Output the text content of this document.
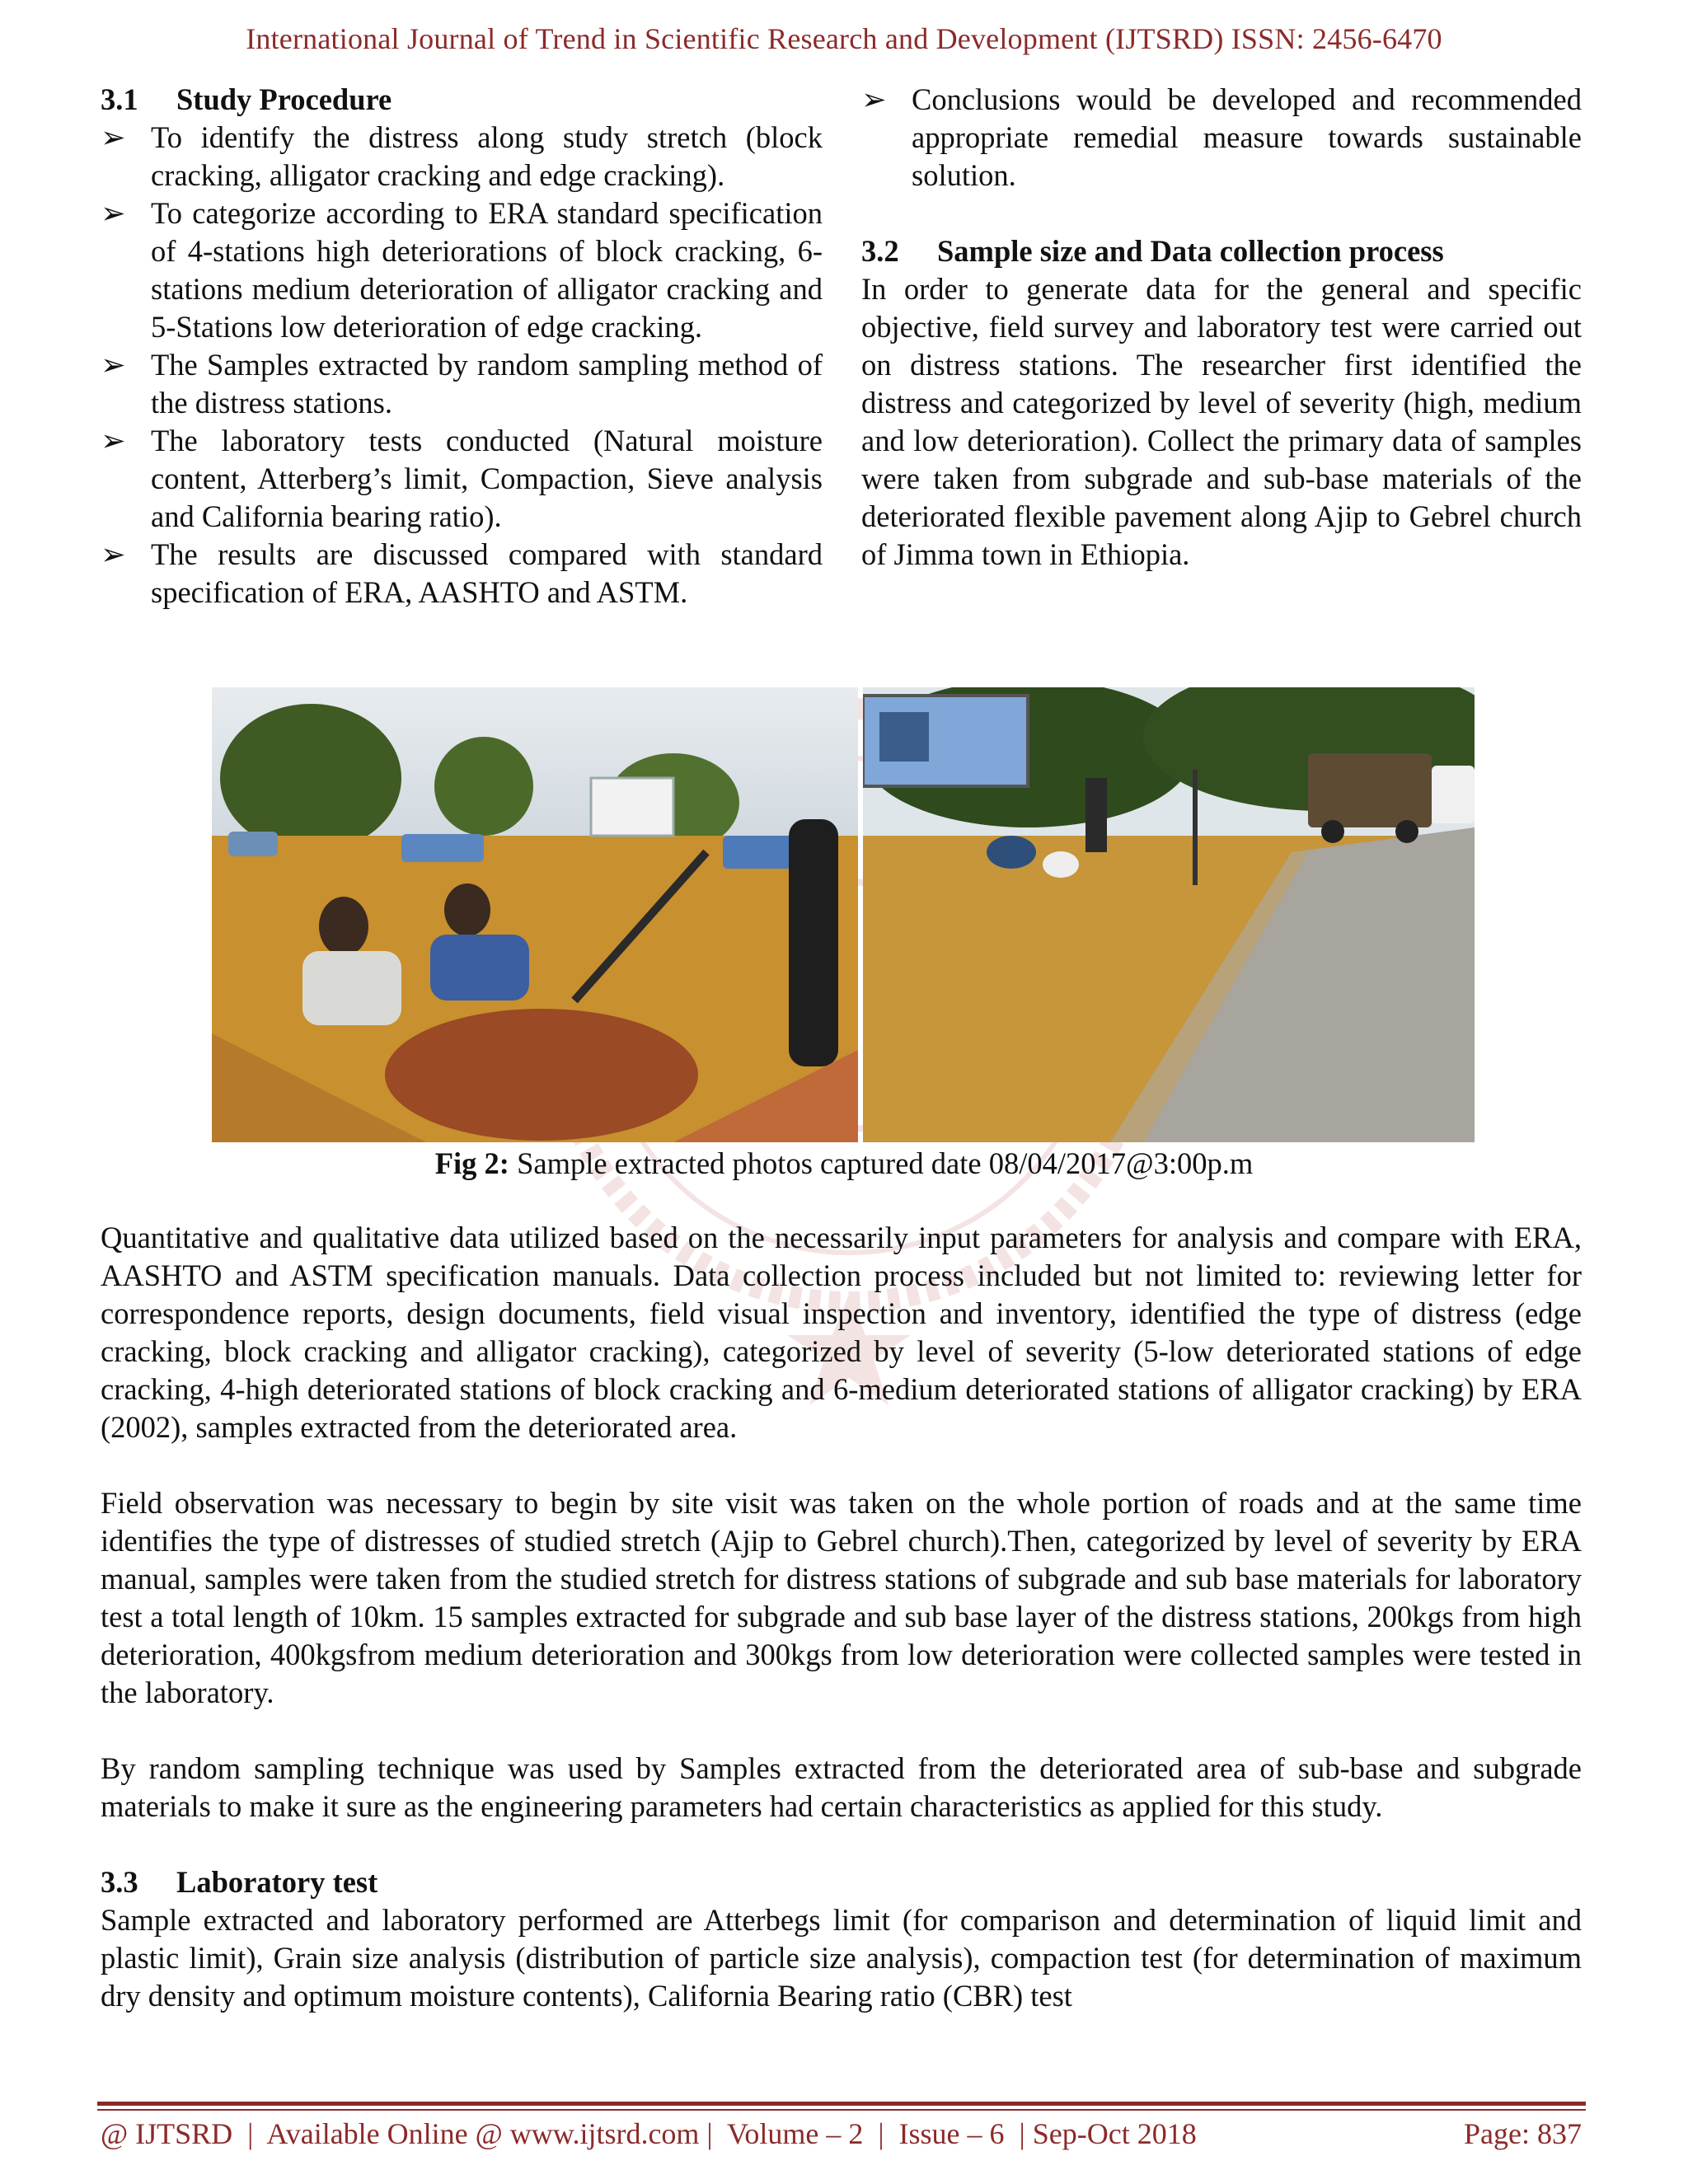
International Journal of Trend in Scientific Research and Development (IJTSRD) ISSN: 2456-6470

3.1 Study Procedure

➢ To identify the distress along study stretch (block cracking, alligator cracking and edge cracking).
➢ To categorize according to ERA standard specification of 4-stations high deteriorations of block cracking, 6-stations medium deterioration of alligator cracking and 5-Stations low deterioration of edge cracking.
➢ The Samples extracted by random sampling method of the distress stations.
➢ The laboratory tests conducted (Natural moisture content, Atterberg’s limit, Compaction, Sieve analysis and California bearing ratio).
➢ The results are discussed compared with standard specification of ERA, AASHTO and ASTM.
➢ Conclusions would be developed and recommended appropriate remedial measure towards sustainable solution.

3.2 Sample size and Data collection process

In order to generate data for the general and specific objective, field survey and laboratory test were carried out on distress stations. The researcher first identified the distress and categorized by level of severity (high, medium and low deterioration). Collect the primary data of samples were taken from subgrade and sub-base materials of the deteriorated flexible pavement along Ajip to Gebrel church of Jimma town in Ethiopia.

Fig 2: Sample extracted photos captured date 08/04/2017@3:00p.m

Quantitative and qualitative data utilized based on the necessarily input parameters for analysis and compare with ERA, AASHTO and ASTM specification manuals. Data collection process included but not limited to: reviewing letter for correspondence reports, design documents, field visual inspection and inventory, identified the type of distress (edge cracking, block cracking and alligator cracking), categorized by level of severity (5-low deteriorated stations of edge cracking, 4-high deteriorated stations of block cracking and 6-medium deteriorated stations of alligator cracking) by ERA (2002), samples extracted from the deteriorated area.

Field observation was necessary to begin by site visit was taken on the whole portion of roads and at the same time identifies the type of distresses of studied stretch (Ajip to Gebrel church).Then, categorized by level of severity by ERA manual, samples were taken from the studied stretch for distress stations of subgrade and sub base materials for laboratory test a total length of 10km. 15 samples extracted for subgrade and sub base layer of the distress stations, 200kgs from high deterioration, 400kgsfrom medium deterioration and 300kgs from low deterioration were collected samples were tested in the laboratory.

By random sampling technique was used by Samples extracted from the deteriorated area of sub-base and subgrade materials to make it sure as the engineering parameters had certain characteristics as applied for this study.

3.3 Laboratory test

Sample extracted and laboratory performed are Atterbegs limit (for comparison and determination of liquid limit and plastic limit), Grain size analysis (distribution of particle size analysis), compaction test (for determination of maximum dry density and optimum moisture contents), California Bearing ratio (CBR) test

@ IJTSRD  |  Available Online @ www.ijtsrd.com |  Volume – 2  |  Issue – 6  | Sep-Oct 2018	Page: 837
